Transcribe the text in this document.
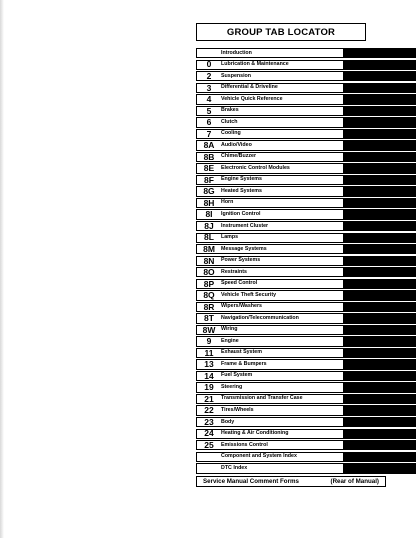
GROUP TAB LOCATOR
Introduction
0	Lubrication & Maintenance
2	Suspension
3	Differential & Driveline
4	Vehicle Quick Reference
5	Brakes
6	Clutch
7	Cooling
8A	Audio/Video
8B	Chime/Buzzer
8E	Electronic Control Modules
8F	Engine Systems
8G	Heated Systems
8H	Horn
8I	Ignition Control
8J	Instrument Cluster
8L	Lamps
8M	Message Systems
8N	Power Systems
8O	Restraints
8P	Speed Control
8Q	Vehicle Theft Security
8R	Wipers/Washers
8T	Navigation/Telecommunication
8W	Wiring
9	Engine
11	Exhaust System
13	Frame & Bumpers
14	Fuel System
19	Steering
21	Transmission and Transfer Case
22	Tires/Wheels
23	Body
24	Heating & Air Conditioning
25	Emissions Control
Component and System Index
DTC Index
Service Manual Comment Forms	(Rear of Manual)
